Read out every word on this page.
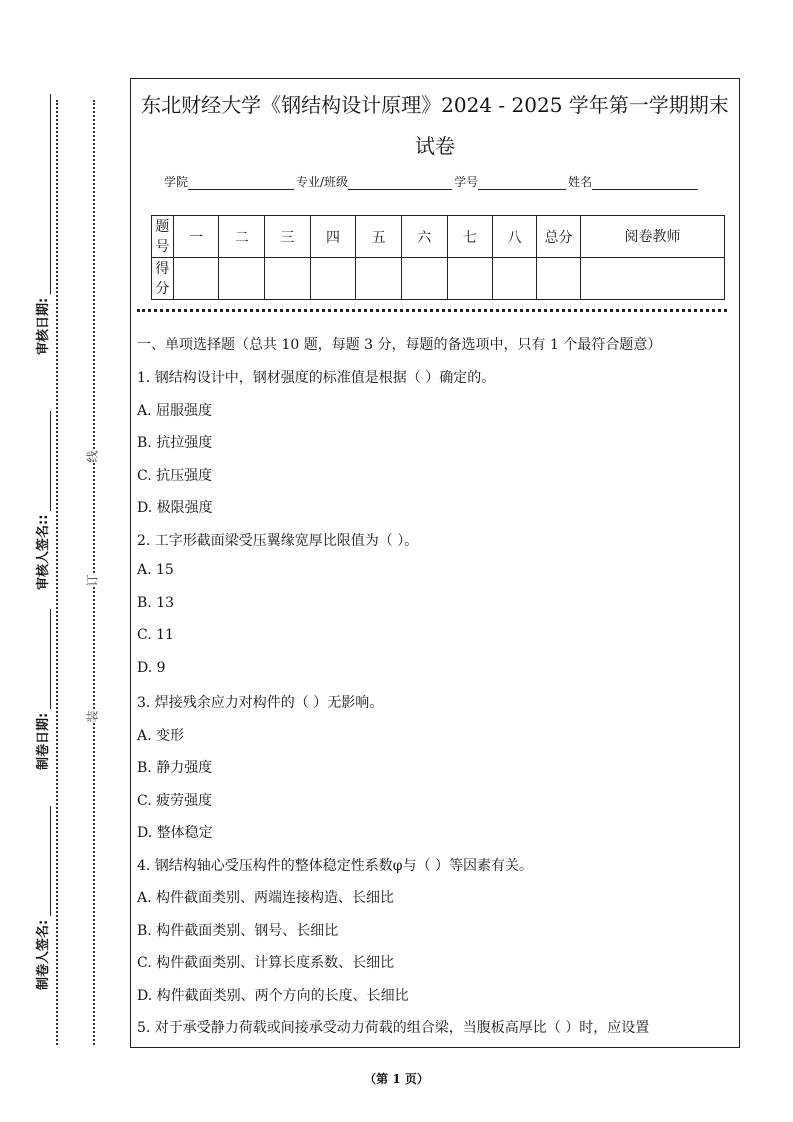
制卷人签名:
制卷日期:
审核人签名::
审核日期:
装
订
线
东北财经大学《钢结构设计原理》2024 - 2025 学年第一学期期末
试卷
学院	专业/班级	学号	姓名
题号	一	二	三	四	五	六	七	八	总分	阅卷教师
得分										
一、单项选择题（总共 10 题，每题 3 分，每题的备选项中，只有 1 个最符合题意）
1. 钢结构设计中，钢材强度的标准值是根据（ ）确定的。
A. 屈服强度
B. 抗拉强度
C. 抗压强度
D. 极限强度
2. 工字形截面梁受压翼缘宽厚比限值为（ ）。
A. 15
B. 13
C. 11
D. 9
3. 焊接残余应力对构件的（ ）无影响。
A. 变形
B. 静力强度
C. 疲劳强度
D. 整体稳定
4. 钢结构轴心受压构件的整体稳定性系数φ与（ ）等因素有关。
A. 构件截面类别、两端连接构造、长细比
B. 构件截面类别、钢号、长细比
C. 构件截面类别、计算长度系数、长细比
D. 构件截面类别、两个方向的长度、长细比
5. 对于承受静力荷载或间接承受动力荷载的组合梁，当腹板高厚比（ ）时，应设置
（第 1 页）
